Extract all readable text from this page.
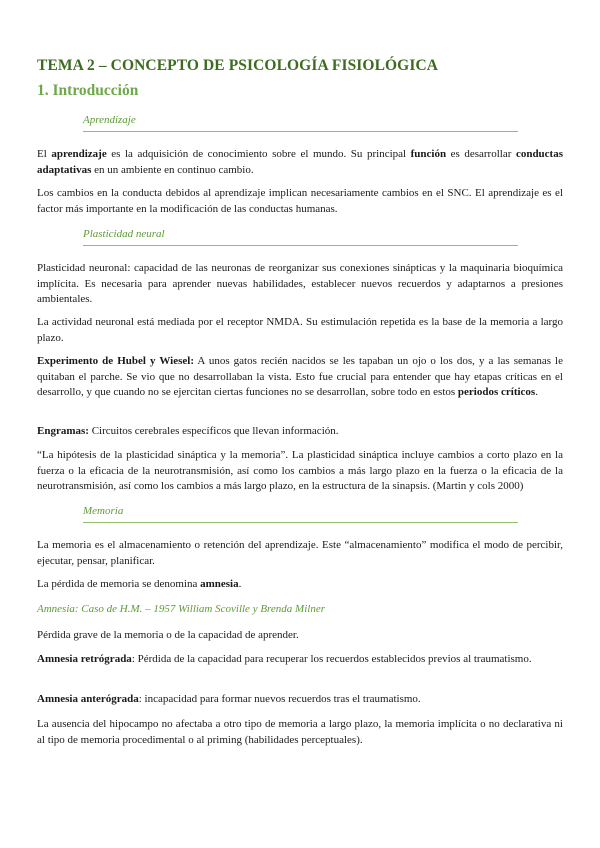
TEMA 2 – CONCEPTO DE PSICOLOGÍA FISIOLÓGICA
1. Introducción
Aprendizaje
El aprendizaje es la adquisición de conocimiento sobre el mundo. Su principal función es desarrollar conductas adaptativas en un ambiente en continuo cambio.
Los cambios en la conducta debidos al aprendizaje implican necesariamente cambios en el SNC. El aprendizaje es el factor más importante en la modificación de las conductas humanas.
Plasticidad neural
Plasticidad neuronal: capacidad de las neuronas de reorganizar sus conexiones sinápticas y la maquinaria bioquímica implícita. Es necesaria para aprender nuevas habilidades, establecer nuevos recuerdos y adaptarnos a presiones ambientales.
La actividad neuronal está mediada por el receptor NMDA. Su estimulación repetida es la base de la memoria a largo plazo.
Experimento de Hubel y Wiesel: A unos gatos recién nacidos se les tapaban un ojo o los dos, y a las semanas le quitaban el parche. Se vio que no desarrollaban la vista. Esto fue crucial para entender que hay etapas críticas en el desarrollo, y que cuando no se ejercitan ciertas funciones no se desarrollan, sobre todo en estos periodos críticos.
Engramas: Circuitos cerebrales específicos que llevan información.
“La hipótesis de la plasticidad sináptica y la memoria”. La plasticidad sináptica incluye cambios a corto plazo en la fuerza o la eficacia de la neurotransmisión, así como los cambios a más largo plazo en la fuerza o la eficacia de la neurotransmisión, así como los cambios a más largo plazo, en la estructura de la sinapsis. (Martin y cols 2000)
Memoria
La memoria es el almacenamiento o retención del aprendizaje. Este “almacenamiento” modifica el modo de percibir, ejecutar, pensar, planificar.
La pérdida de memoria se denomina amnesia.
Amnesia: Caso de H.M. – 1957 William Scoville y Brenda Milner
Pérdida grave de la memoria o de la capacidad de aprender.
Amnesia retrógrada: Pérdida de la capacidad para recuperar los recuerdos establecidos previos al traumatismo.
Amnesia anterógrada: incapacidad para formar nuevos recuerdos tras el traumatismo.
La ausencia del hipocampo no afectaba a otro tipo de memoria a largo plazo, la memoria implícita o no declarativa ni al tipo de memoria procedimental o al priming (habilidades perceptuales).
